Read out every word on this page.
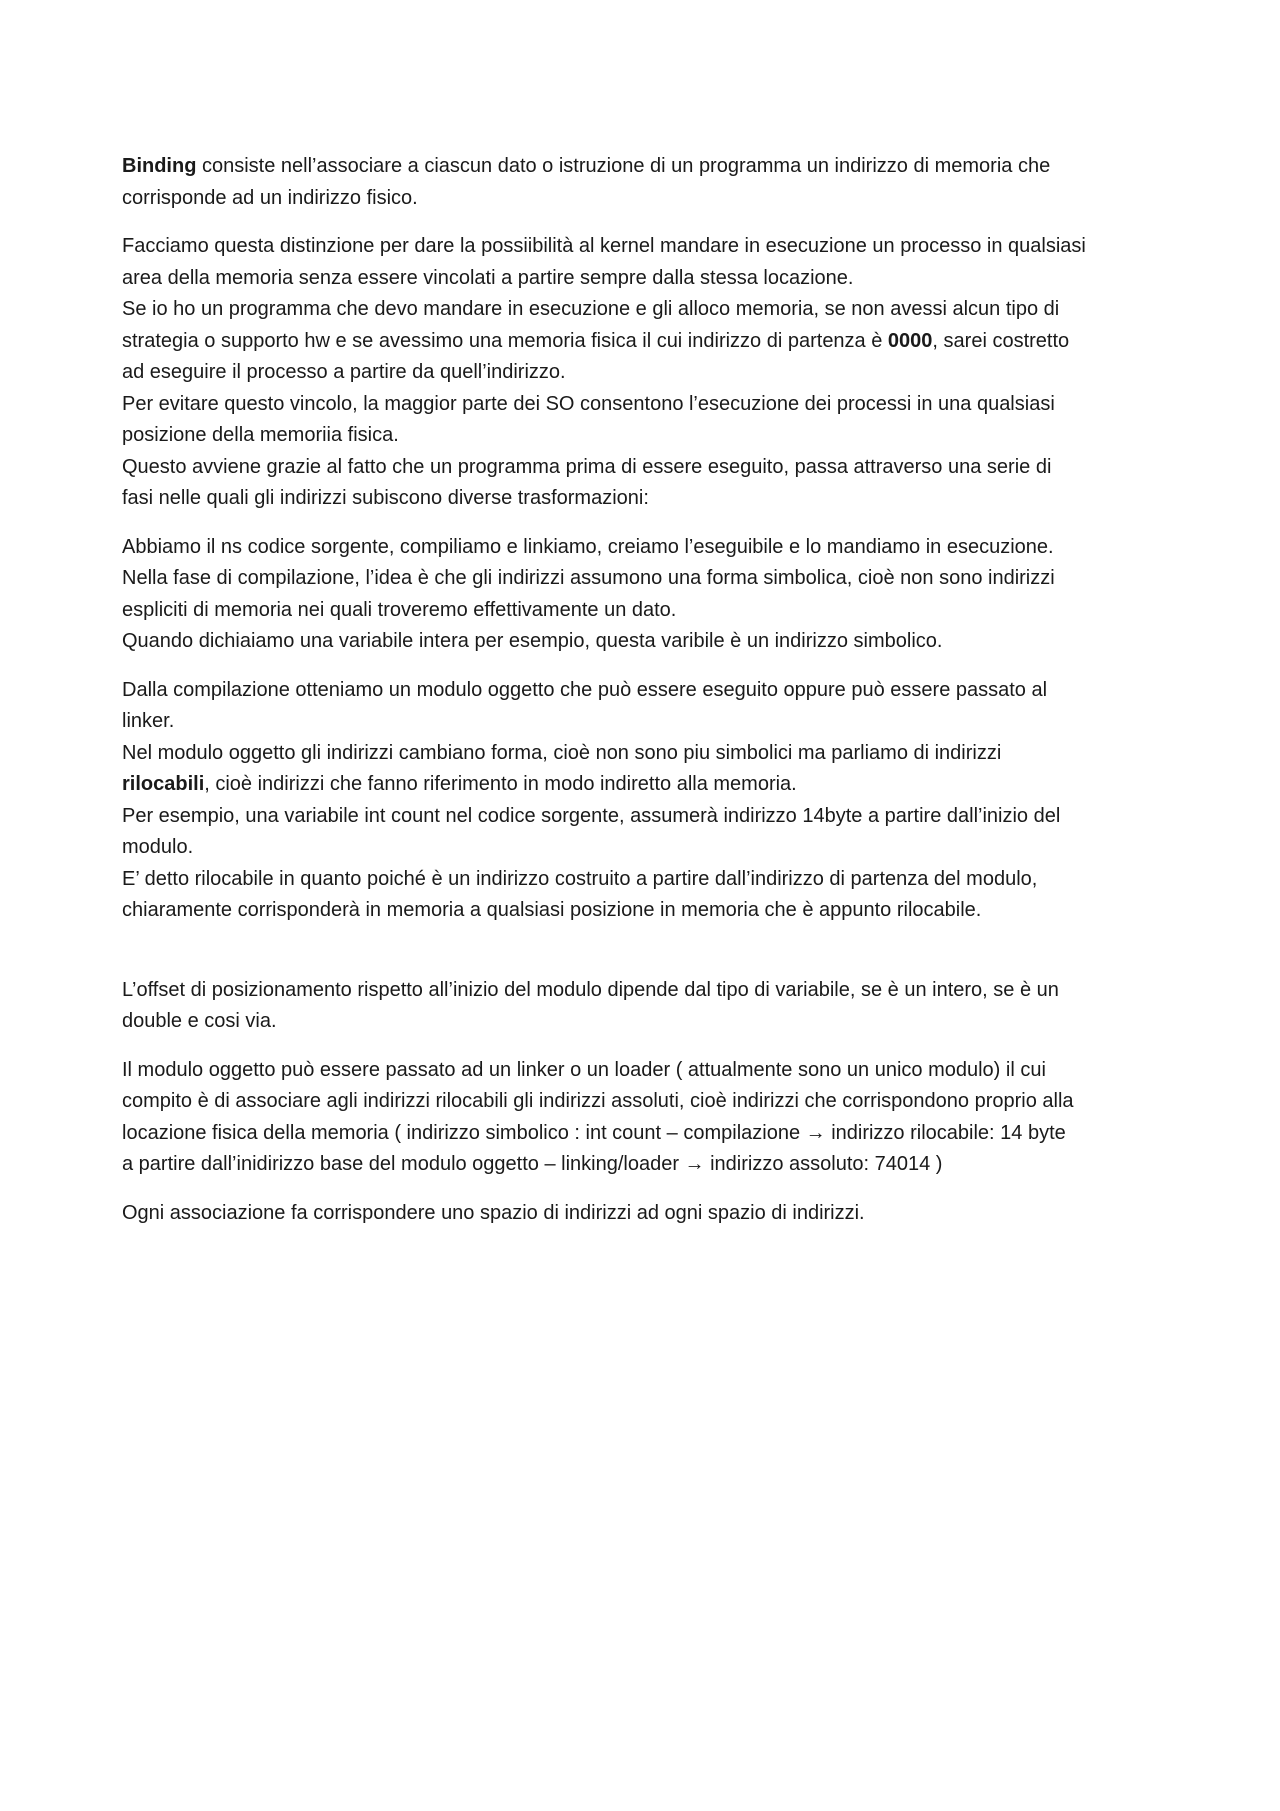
Binding consiste nell’associare a ciascun dato o istruzione di un programma un indirizzo di memoria che
corrisponde ad un indirizzo fisico.

Facciamo questa distinzione per dare la possiibilità al kernel mandare in esecuzione un processo in qualsiasi
area della memoria senza essere vincolati a partire sempre dalla stessa locazione.
Se io ho un programma che devo mandare in esecuzione e gli alloco memoria, se non avessi alcun tipo di
strategia o supporto hw e se avessimo una memoria fisica il cui indirizzo di partenza è 0000, sarei costretto
ad eseguire il processo a partire da quell’indirizzo.
Per evitare questo vincolo, la maggior parte dei SO consentono l’esecuzione dei processi in una qualsiasi
posizione della memoriia fisica.
Questo avviene grazie al fatto che un programma prima di essere eseguito, passa attraverso una serie di
fasi nelle quali gli indirizzi subiscono diverse trasformazioni:

Abbiamo il ns codice sorgente, compiliamo e linkiamo, creiamo l’eseguibile e lo mandiamo in esecuzione.
Nella fase di compilazione, l’idea è che gli indirizzi assumono una forma simbolica, cioè non sono indirizzi
espliciti di memoria nei quali troveremo effettivamente un dato.
Quando dichiaiamo una variabile intera per esempio, questa varibile è un indirizzo simbolico.

Dalla compilazione otteniamo un modulo oggetto che può essere eseguito oppure può essere passato al
linker.
Nel modulo oggetto gli indirizzi cambiano forma, cioè non sono piu simbolici ma parliamo di indirizzi
rilocabili, cioè indirizzi che fanno riferimento in modo indiretto alla memoria.
Per esempio, una variabile int count nel codice sorgente, assumerà indirizzo 14byte a partire dall’inizio del
modulo.
E’ detto rilocabile in quanto poiché è un indirizzo costruito a partire dall’indirizzo di partenza del modulo,
chiaramente corrisponderà in memoria a qualsiasi posizione in memoria che è appunto rilocabile.

L’offset di posizionamento rispetto all’inizio del modulo dipende dal tipo di variabile, se è un intero, se è un
double e cosi via.

Il modulo oggetto può essere passato ad un linker o un loader ( attualmente sono un unico modulo) il cui
compito è di associare agli indirizzi rilocabili gli indirizzi assoluti, cioè indirizzi che corrispondono proprio alla
locazione fisica della memoria ( indirizzo simbolico : int count – compilazione → indirizzo rilocabile: 14 byte
a partire dall’inidirizzo base del modulo oggetto – linking/loader → indirizzo assoluto: 74014 )

Ogni associazione fa corrispondere uno spazio di indirizzi ad ogni spazio di indirizzi.
